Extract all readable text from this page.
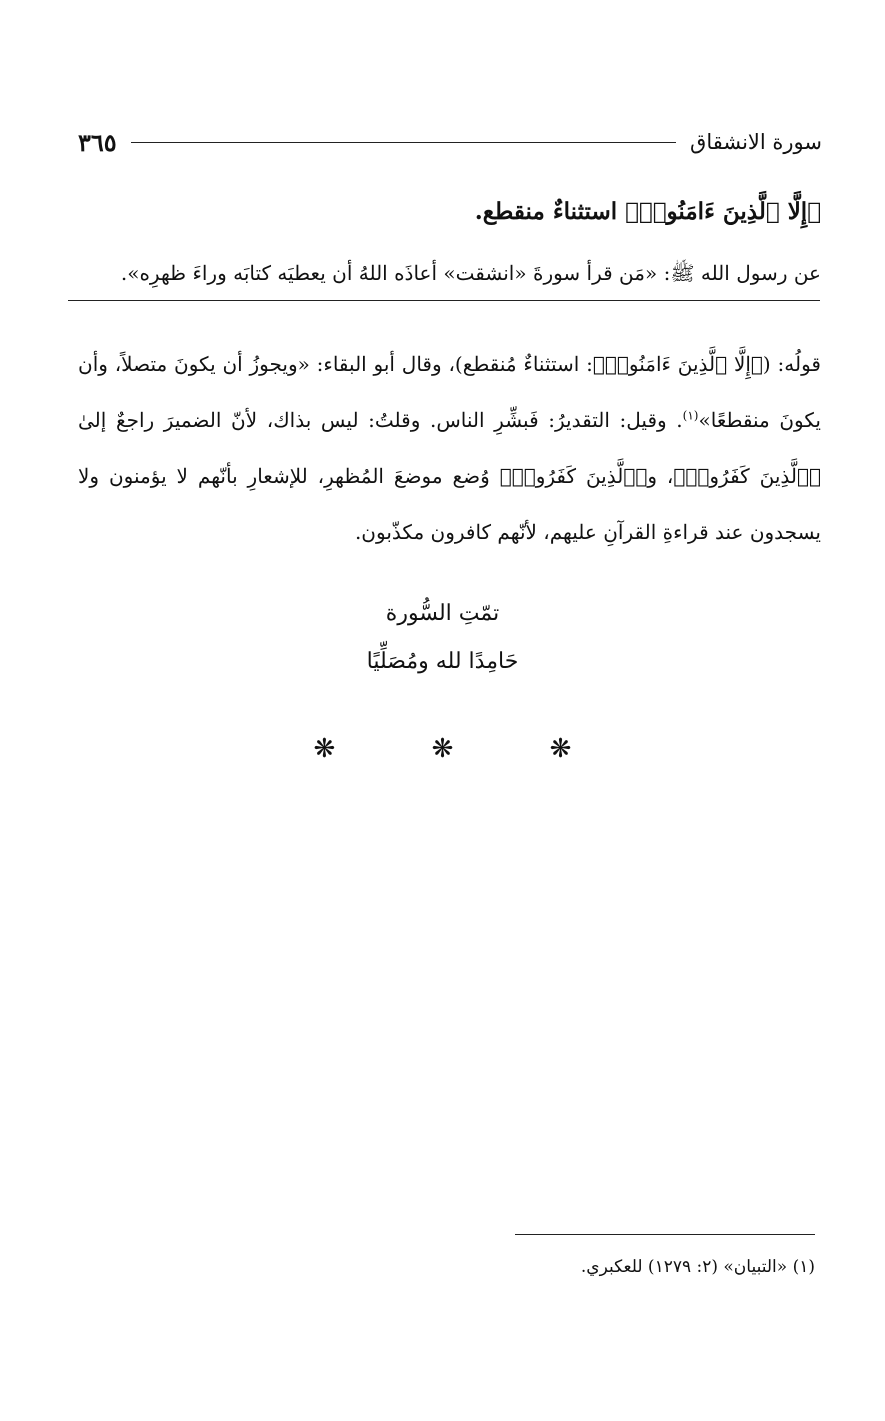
سورة الانشقاق
٣٦٥
﴿إِلَّا ٱلَّذِينَ ءَامَنُوا۟﴾ استثناءٌ منقطع.
عن رسول الله ﷺ: «مَن قرأ سورةَ «انشقت» أعاذَه اللهُ أن يعطيَه كتابَه وراءَ ظهرِه».
قولُه: (﴿إِلَّا ٱلَّذِينَ ءَامَنُوا۟﴾: استثناءٌ مُنقطع)، وقال أبو البقاء: «ويجوزُ أن يكونَ متصلاً، وأن يكونَ منقطعًا»$^{(١)}$. وقيل: التقديرُ: فَبشِّرِ الناس. وقلتُ: ليس بذاك، لأنّ الضميرَ راجعٌ إلىٰ ﴿ٱلَّذِينَ كَفَرُوا۟﴾، و﴿ٱلَّذِينَ كَفَرُوا۟﴾ وُضع موضعَ المُظهرِ، للإشعارِ بأنّهم لا يؤمنون ولا يسجدون عند قراءةِ القرآنِ عليهم، لأنّهم كافرون مكذّبون.
تمّتِ السُّورة
حَامِدًا لله ومُصَلِّيًا
❋ ❋ ❋
(١) «التبيان» (٢: ١٢٧٩) للعكبري.
